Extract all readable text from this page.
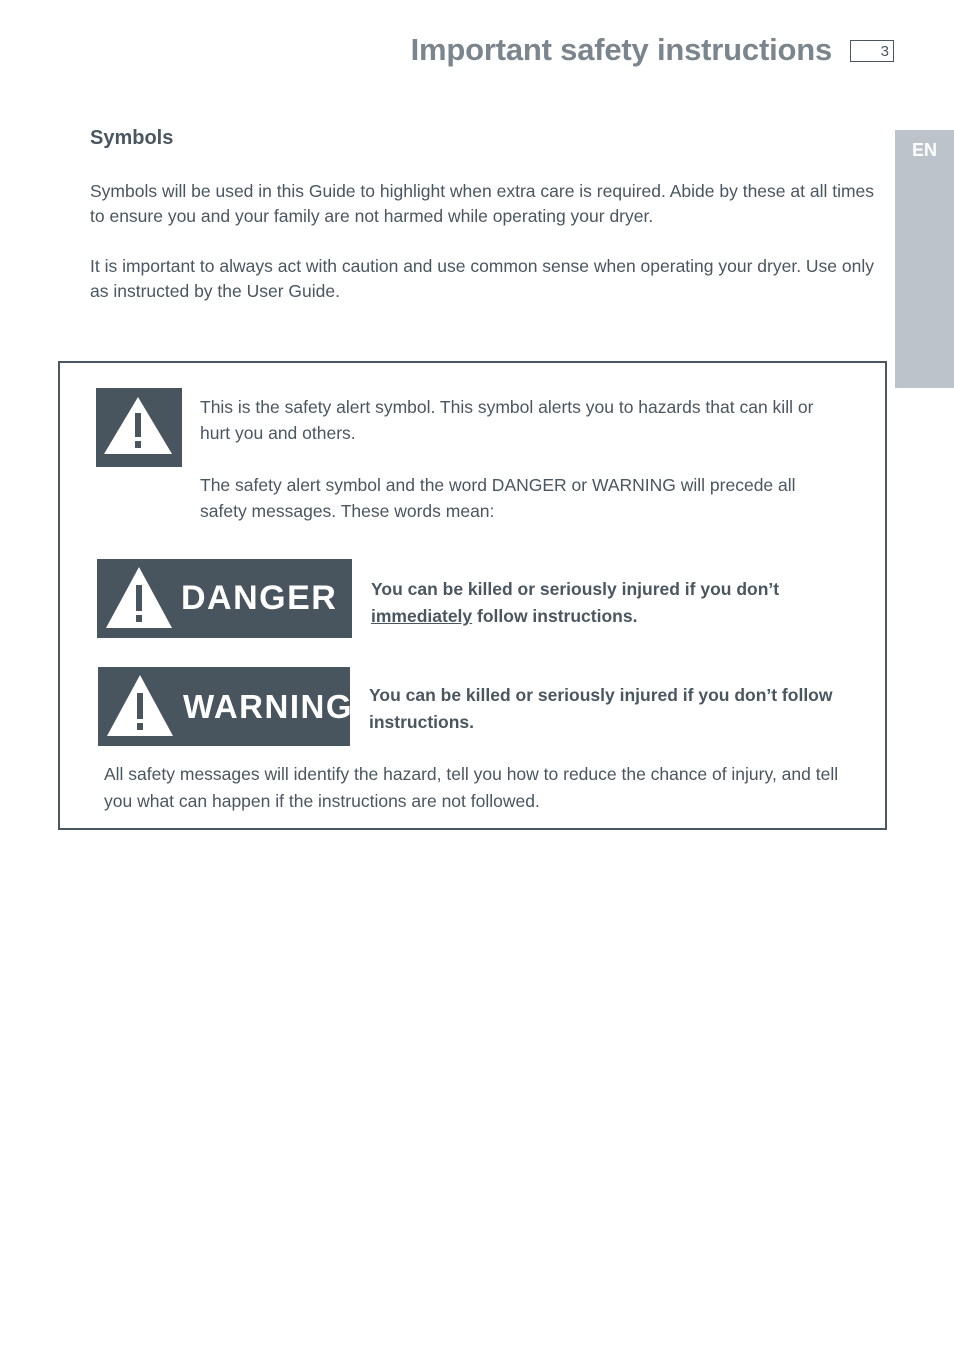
Important safety instructions	3
EN
Symbols
Symbols will be used in this Guide to highlight when extra care is required. Abide by these at all times to ensure you and your family are not harmed while operating your dryer.
It is important to always act with caution and use common sense when operating your dryer. Use only as instructed by the User Guide.
This is the safety alert symbol. This symbol alerts you to hazards that can kill or hurt you and others.
The safety alert symbol and the word DANGER or WARNING will precede all safety messages. These words mean:
DANGER You can be killed or seriously injured if you don’t immediately follow instructions.
WARNING You can be killed or seriously injured if you don’t follow instructions.
All safety messages will identify the hazard, tell you how to reduce the chance of injury, and tell you what can happen if the instructions are not followed.
